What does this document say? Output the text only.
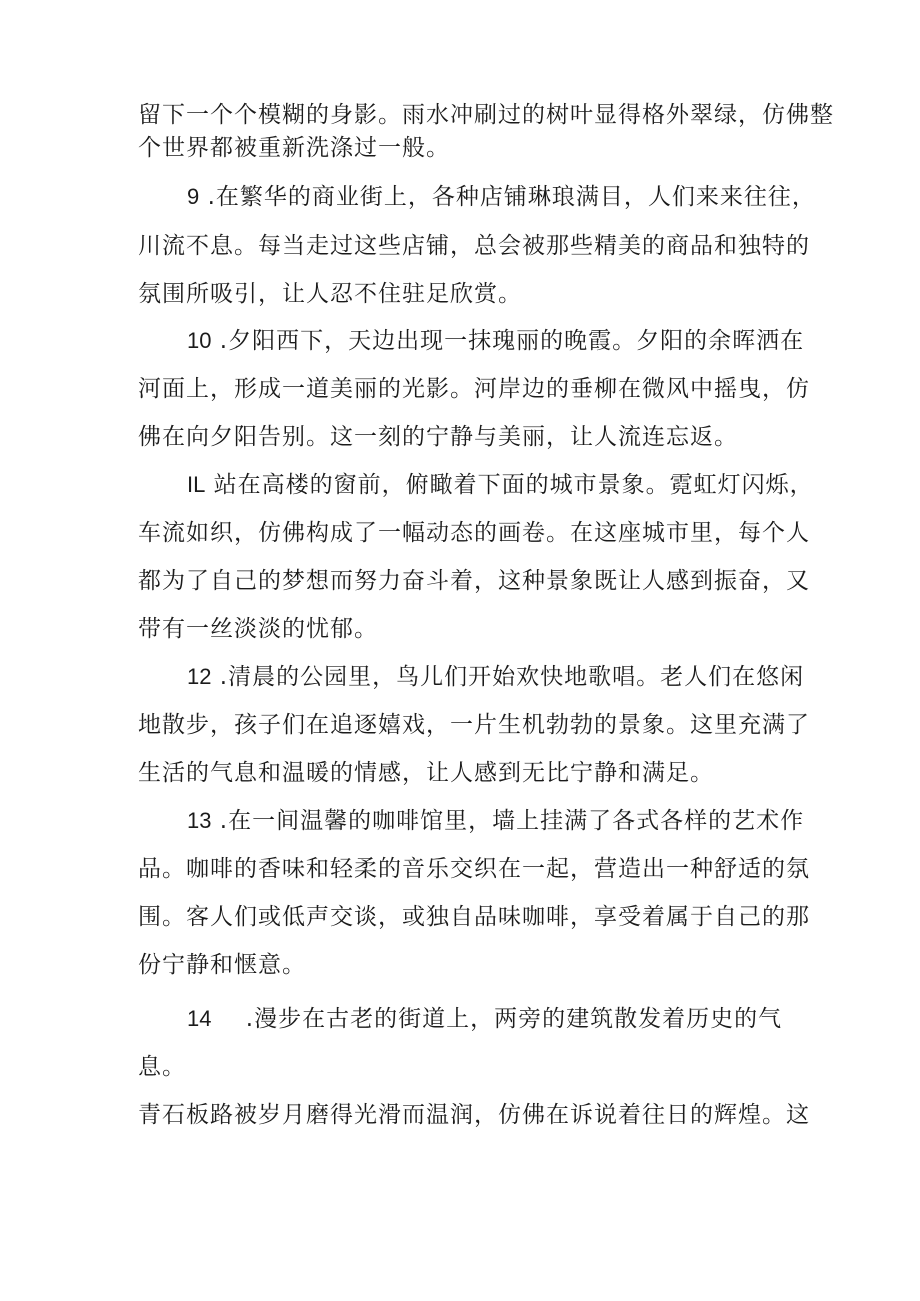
留下一个个模糊的身影。雨水冲刷过的树叶显得格外翠绿，仿佛整
个世界都被重新洗涤过一般。
9 .在繁华的商业街上，各种店铺琳琅满目，人们来来往往，
川流不息。每当走过这些店铺，总会被那些精美的商品和独特的
氛围所吸引，让人忍不住驻足欣赏。
10 .夕阳西下，天边出现一抹瑰丽的晚霞。夕阳的余晖洒在
河面上，形成一道美丽的光影。河岸边的垂柳在微风中摇曳，仿
佛在向夕阳告别。这一刻的宁静与美丽，让人流连忘返。
IL 站在高楼的窗前，俯瞰着下面的城市景象。霓虹灯闪烁，
车流如织，仿佛构成了一幅动态的画卷。在这座城市里，每个人
都为了自己的梦想而努力奋斗着，这种景象既让人感到振奋，又
带有一丝淡淡的忧郁。
12 .清晨的公园里，鸟儿们开始欢快地歌唱。老人们在悠闲
地散步，孩子们在追逐嬉戏，一片生机勃勃的景象。这里充满了
生活的气息和温暖的情感，让人感到无比宁静和满足。
13 .在一间温馨的咖啡馆里，墙上挂满了各式各样的艺术作
品。咖啡的香味和轻柔的音乐交织在一起，营造出一种舒适的氛
围。客人们或低声交谈，或独自品味咖啡，享受着属于自己的那
份宁静和惬意。
14 .漫步在古老的街道上，两旁的建筑散发着历史的气
息。
青石板路被岁月磨得光滑而温润，仿佛在诉说着往日的辉煌。这
